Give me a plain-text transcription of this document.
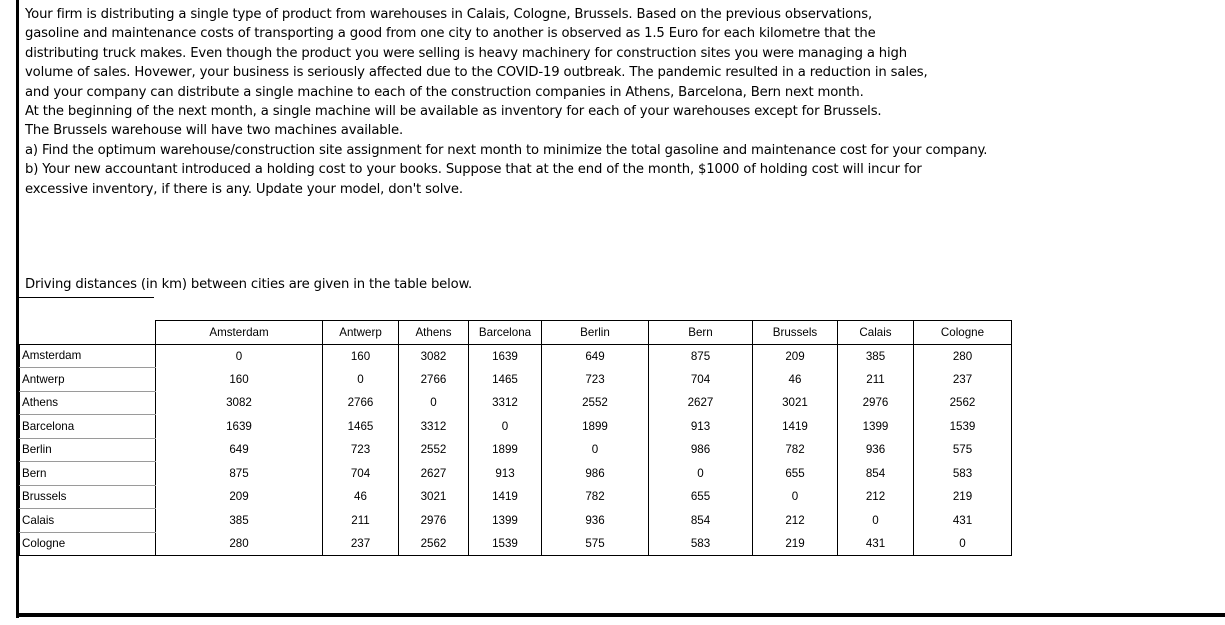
Your firm is distributing a single type of product from warehouses in Calais, Cologne, Brussels. Based on the previous observations,
gasoline and maintenance costs of transporting a good from one city to another is observed as 1.5 Euro for each kilometre that the
distributing truck makes. Even though the product you were selling is heavy machinery for construction sites you were managing a high
volume of sales. Hovewer, your business is seriously affected due to the COVID-19 outbreak. The pandemic resulted in a reduction in sales,
and your company can distribute a single machine to each of the construction companies in Athens, Barcelona, Bern next month.
At the beginning of the next month, a single machine will be available as inventory for each of your warehouses except for Brussels.
The Brussels warehouse will have two machines available.
a) Find the optimum warehouse/construction site assignment for next month to minimize the total gasoline and maintenance cost for your company.
b) Your new accountant introduced a holding cost to your books. Suppose that at the end of the month, $1000 of holding cost will incur for
excessive inventory, if there is any. Update your model, don't solve.
Driving distances (in km) between cities are given in the table below.
	Amsterdam	Antwerp	Athens	Barcelona	Berlin	Bern	Brussels	Calais	Cologne
Amsterdam	0	160	3082	1639	649	875	209	385	280
Antwerp	160	0	2766	1465	723	704	46	211	237
Athens	3082	2766	0	3312	2552	2627	3021	2976	2562
Barcelona	1639	1465	3312	0	1899	913	1419	1399	1539
Berlin	649	723	2552	1899	0	986	782	936	575
Bern	875	704	2627	913	986	0	655	854	583
Brussels	209	46	3021	1419	782	655	0	212	219
Calais	385	211	2976	1399	936	854	212	0	431
Cologne	280	237	2562	1539	575	583	219	431	0
